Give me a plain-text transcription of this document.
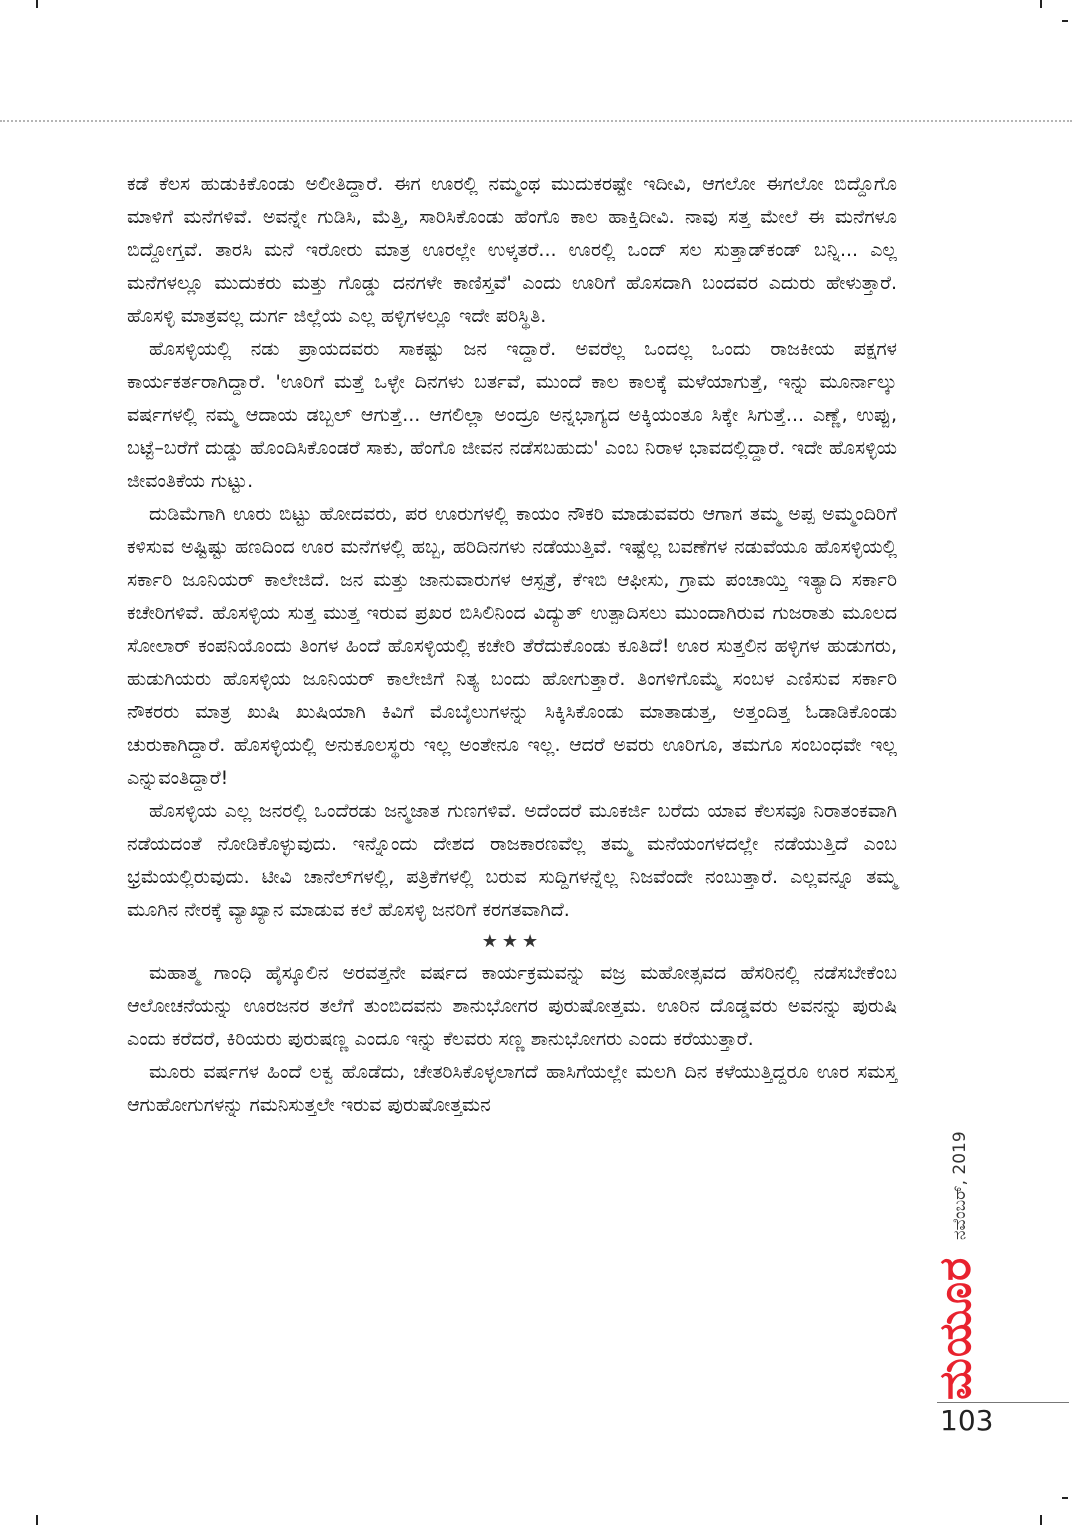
ಕಡೆ ಕೆಲಸ ಹುಡುಕಿಕೊಂಡು ಅಲೀತಿದ್ದಾರೆ. ಈಗ ಊರಲ್ಲಿ ನಮ್ಮಂಥ ಮುದುಕರಷ್ಟೇ ಇದೀವಿ, ಆಗಲೋ ಈಗಲೋ ಬಿದ್ದೊಗೊ ಮಾಳಿಗೆ ಮನೆಗಳಿವೆ. ಅವನ್ನೇ ಗುಡಿಸಿ, ಮೆತ್ತಿ, ಸಾರಿಸಿಕೊಂಡು ಹೆಂಗೊ ಕಾಲ ಹಾಕ್ತಿದೀವಿ. ನಾವು ಸತ್ತ ಮೇಲೆ ಈ ಮನೆಗಳೂ ಬಿದ್ದೋಗ್ತವೆ. ತಾರಸಿ ಮನೆ ಇರೋರು ಮಾತ್ರ ಊರಲ್ಲೇ ಉಳ್ಕತರೆ... ಊರಲ್ಲಿ ಒಂದ್ ಸಲ ಸುತ್ತಾಡ್‌ಕಂಡ್ ಬನ್ನಿ... ಎಲ್ಲ ಮನೆಗಳಲ್ಲೂ ಮುದುಕರು ಮತ್ತು ಗೊಡ್ಡು ದನಗಳೇ ಕಾಣಿಸ್ತವೆ' ಎಂದು ಊರಿಗೆ ಹೊಸದಾಗಿ ಬಂದವರ ಎದುರು ಹೇಳುತ್ತಾರೆ. ಹೊಸಳ್ಳಿ ಮಾತ್ರವಲ್ಲ ದುರ್ಗ ಜಿಲ್ಲೆಯ ಎಲ್ಲ ಹಳ್ಳಿಗಳಲ್ಲೂ ಇದೇ ಪರಿಸ್ಥಿತಿ.

ಹೊಸಳ್ಳಿಯಲ್ಲಿ ನಡು ಪ್ರಾಯದವರು ಸಾಕಷ್ಟು ಜನ ಇದ್ದಾರೆ. ಅವರೆಲ್ಲ ಒಂದಲ್ಲ ಒಂದು ರಾಜಕೀಯ ಪಕ್ಷಗಳ ಕಾರ್ಯಕರ್ತರಾಗಿದ್ದಾರೆ. 'ಊರಿಗೆ ಮತ್ತೆ ಒಳ್ಳೇ ದಿನಗಳು ಬರ್ತವೆ, ಮುಂದೆ ಕಾಲ ಕಾಲಕ್ಕೆ ಮಳೆಯಾಗುತ್ತೆ, ಇನ್ನು ಮೂರ್ನಾಲ್ಕು ವರ್ಷಗಳಲ್ಲಿ ನಮ್ಮ ಆದಾಯ ಡಬ್ಬಲ್ ಆಗುತ್ತೆ... ಆಗಲಿಲ್ಲಾ ಅಂದ್ರೂ ಅನ್ನಭಾಗ್ಯದ ಅಕ್ಕಿಯಂತೂ ಸಿಕ್ಕೇ ಸಿಗುತ್ತೆ... ಎಣ್ಣೆ, ಉಪ್ಪು, ಬಟ್ಟೆ–ಬರೆಗೆ ದುಡ್ಡು ಹೊಂದಿಸಿಕೊಂಡರೆ ಸಾಕು, ಹೆಂಗೊ ಜೀವನ ನಡೆಸಬಹುದು' ಎಂಬ ನಿರಾಳ ಭಾವದಲ್ಲಿದ್ದಾರೆ. ಇದೇ ಹೊಸಳ್ಳಿಯ ಜೀವಂತಿಕೆಯ ಗುಟ್ಟು.

ದುಡಿಮೆಗಾಗಿ ಊರು ಬಿಟ್ಟು ಹೋದವರು, ಪರ ಊರುಗಳಲ್ಲಿ ಕಾಯಂ ನೌಕರಿ ಮಾಡುವವರು ಆಗಾಗ ತಮ್ಮ ಅಪ್ಪ ಅಮ್ಮಂದಿರಿಗೆ ಕಳಿಸುವ ಅಷ್ಟಿಷ್ಟು ಹಣದಿಂದ ಊರ ಮನೆಗಳಲ್ಲಿ ಹಬ್ಬ, ಹರಿದಿನಗಳು ನಡೆಯುತ್ತಿವೆ. ಇಷ್ಟೆಲ್ಲ ಬವಣೆಗಳ ನಡುವೆಯೂ ಹೊಸಳ್ಳಿಯಲ್ಲಿ ಸರ್ಕಾರಿ ಜೂನಿಯರ್ ಕಾಲೇಜಿದೆ. ಜನ ಮತ್ತು ಜಾನುವಾರುಗಳ ಆಸ್ಪತ್ರೆ, ಕೆಇಬಿ ಆಫೀಸು, ಗ್ರಾಮ ಪಂಚಾಯ್ತಿ ಇತ್ಯಾದಿ ಸರ್ಕಾರಿ ಕಚೇರಿಗಳಿವೆ. ಹೊಸಳ್ಳಿಯ ಸುತ್ತ ಮುತ್ತ ಇರುವ ಪ್ರಖರ ಬಿಸಿಲಿನಿಂದ ವಿದ್ಯುತ್ ಉತ್ಪಾದಿಸಲು ಮುಂದಾಗಿರುವ ಗುಜರಾತು ಮೂಲದ ಸೋಲಾರ್ ಕಂಪನಿಯೊಂದು ತಿಂಗಳ ಹಿಂದೆ ಹೊಸಳ್ಳಿಯಲ್ಲಿ ಕಚೇರಿ ತೆರೆದುಕೊಂಡು ಕೂತಿದೆ! ಊರ ಸುತ್ತಲಿನ ಹಳ್ಳಿಗಳ ಹುಡುಗರು, ಹುಡುಗಿಯರು ಹೊಸಳ್ಳಿಯ ಜೂನಿಯರ್ ಕಾಲೇಜಿಗೆ ನಿತ್ಯ ಬಂದು ಹೋಗುತ್ತಾರೆ. ತಿಂಗಳಿಗೊಮ್ಮೆ ಸಂಬಳ ಎಣಿಸುವ ಸರ್ಕಾರಿ ನೌಕರರು ಮಾತ್ರ ಖುಷಿ ಖುಷಿಯಾಗಿ ಕಿವಿಗೆ ಮೊಬೈಲುಗಳನ್ನು ಸಿಕ್ಕಿಸಿಕೊಂಡು ಮಾತಾಡುತ್ತ, ಅತ್ತಂದಿತ್ತ ಓಡಾಡಿಕೊಂಡು ಚುರುಕಾಗಿದ್ದಾರೆ. ಹೊಸಳ್ಳಿಯಲ್ಲಿ ಅನುಕೂಲಸ್ಥರು ಇಲ್ಲ ಅಂತೇನೂ ಇಲ್ಲ. ಆದರೆ ಅವರು ಊರಿಗೂ, ತಮಗೂ ಸಂಬಂಧವೇ ಇಲ್ಲ ಎನ್ನುವಂತಿದ್ದಾರೆ!

ಹೊಸಳ್ಳಿಯ ಎಲ್ಲ ಜನರಲ್ಲಿ ಒಂದೆರಡು ಜನ್ಮಜಾತ ಗುಣಗಳಿವೆ. ಅದೆಂದರೆ ಮೂಕರ್ಜಿ ಬರೆದು ಯಾವ ಕೆಲಸವೂ ನಿರಾತಂಕವಾಗಿ ನಡೆಯದಂತೆ ನೋಡಿಕೊಳ್ಳುವುದು. ಇನ್ನೊಂದು ದೇಶದ ರಾಜಕಾರಣವೆಲ್ಲ ತಮ್ಮ ಮನೆಯಂಗಳದಲ್ಲೇ ನಡೆಯುತ್ತಿದೆ ಎಂಬ ಭ್ರಮೆಯಲ್ಲಿರುವುದು. ಟೀವಿ ಚಾನೆಲ್‌ಗಳಲ್ಲಿ, ಪತ್ರಿಕೆಗಳಲ್ಲಿ ಬರುವ ಸುದ್ದಿಗಳನ್ನೆಲ್ಲ ನಿಜವೆಂದೇ ನಂಬುತ್ತಾರೆ. ಎಲ್ಲವನ್ನೂ ತಮ್ಮ ಮೂಗಿನ ನೇರಕ್ಕೆ ವ್ಯಾಖ್ಯಾನ ಮಾಡುವ ಕಲೆ ಹೊಸಳ್ಳಿ ಜನರಿಗೆ ಕರಗತವಾಗಿದೆ.

★★★

ಮಹಾತ್ಮ ಗಾಂಧಿ ಹೈಸ್ಕೂಲಿನ ಅರವತ್ತನೇ ವರ್ಷದ ಕಾರ್ಯಕ್ರಮವನ್ನು ವಜ್ರ ಮಹೋತ್ಸವದ ಹೆಸರಿನಲ್ಲಿ ನಡೆಸಬೇಕೆಂಬ ಆಲೋಚನೆಯನ್ನು ಊರಜನರ ತಲೆಗೆ ತುಂಬಿದವನು ಶಾನುಭೋಗರ ಪುರುಷೋತ್ತಮ. ಊರಿನ ದೊಡ್ಡವರು ಅವನನ್ನು ಪುರುಷಿ ಎಂದು ಕರೆದರೆ, ಕಿರಿಯರು ಪುರುಷಣ್ಣ ಎಂದೂ ಇನ್ನು ಕೆಲವರು ಸಣ್ಣ ಶಾನುಭೋಗರು ಎಂದು ಕರೆಯುತ್ತಾರೆ.

ಮೂರು ವರ್ಷಗಳ ಹಿಂದೆ ಲಕ್ವ ಹೊಡೆದು, ಚೇತರಿಸಿಕೊಳ್ಳಲಾಗದೆ ಹಾಸಿಗೆಯಲ್ಲೇ ಮಲಗಿ ದಿನ ಕಳೆಯುತ್ತಿದ್ದರೂ ಊರ ಸಮಸ್ತ ಆಗುಹೋಗುಗಳನ್ನು ಗಮನಿಸುತ್ತಲೇ ಇರುವ ಪುರುಷೋತ್ತಮನ

ನವೆಂಬರ್, 2019
ಮಯೂರ
103
